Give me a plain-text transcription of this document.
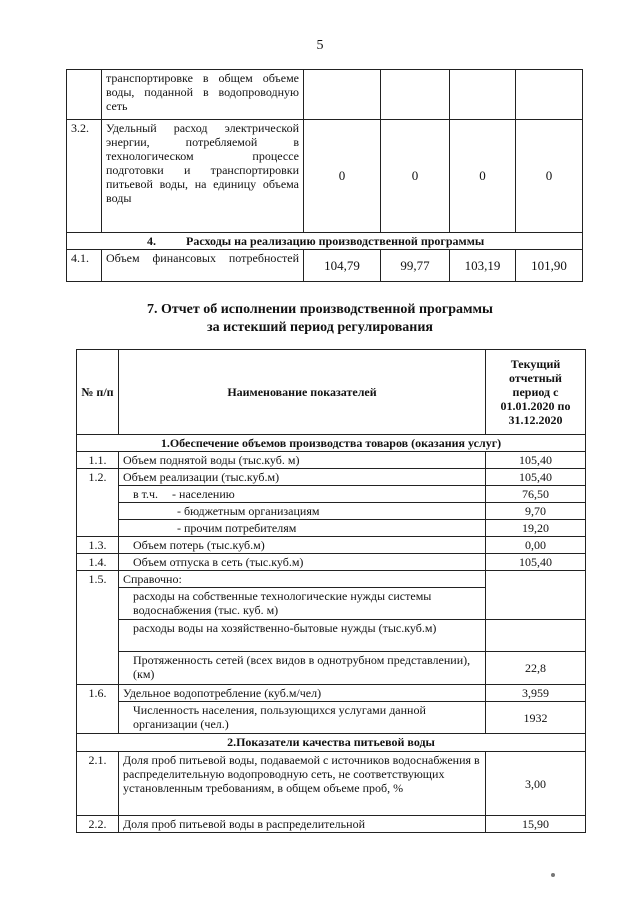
5
	транспортировке в общем объеме воды, поданной в водопроводную сеть				
3.2.	Удельный расход электрической энергии, потребляемой в технологическом процессе подготовки и транспортировки питьевой воды, на единицу объема воды	0	0	0	0
4. Расходы на реализацию производственной программы					
4.1.	Объем финансовых потребностей	104,79	99,77	103,19	101,90
7. Отчет об исполнении производственной программы
за истекший период регулирования
№ п/п	Наименование показателей	Текущий отчетный период с 01.01.2020 по 31.12.2020
1.Обеспечение объемов производства товаров (оказания услуг)		
1.1.	Объем поднятой воды (тыс.куб. м)	105,40
1.2.	Объем реализации (тыс.куб.м)	105,40
	в т.ч. - населению	76,50
	- бюджетным организациям	9,70
	- прочим потребителям	19,20
1.3.	Объем потерь (тыс.куб.м)	0,00
1.4.	Объем отпуска в сеть (тыс.куб.м)	105,40
1.5.	Справочно:	
	расходы на собственные технологические нужды системы водоснабжения (тыс. куб. м)	
	расходы воды на хозяйственно-бытовые нужды (тыс.куб.м)	
	Протяженность сетей (всех видов в однотрубном представлении), (км)	22,8
1.6.	Удельное водопотребление (куб.м/чел)	3,959
	Численность населения, пользующихся услугами данной организации (чел.)	1932
2.Показатели качества питьевой воды		
2.1.	Доля проб питьевой воды, подаваемой с источников водоснабжения в распределительную водопроводную сеть, не соответствующих установленным требованиям, в общем объеме проб, %	3,00
2.2.	Доля проб питьевой воды в распределительной	15,90
